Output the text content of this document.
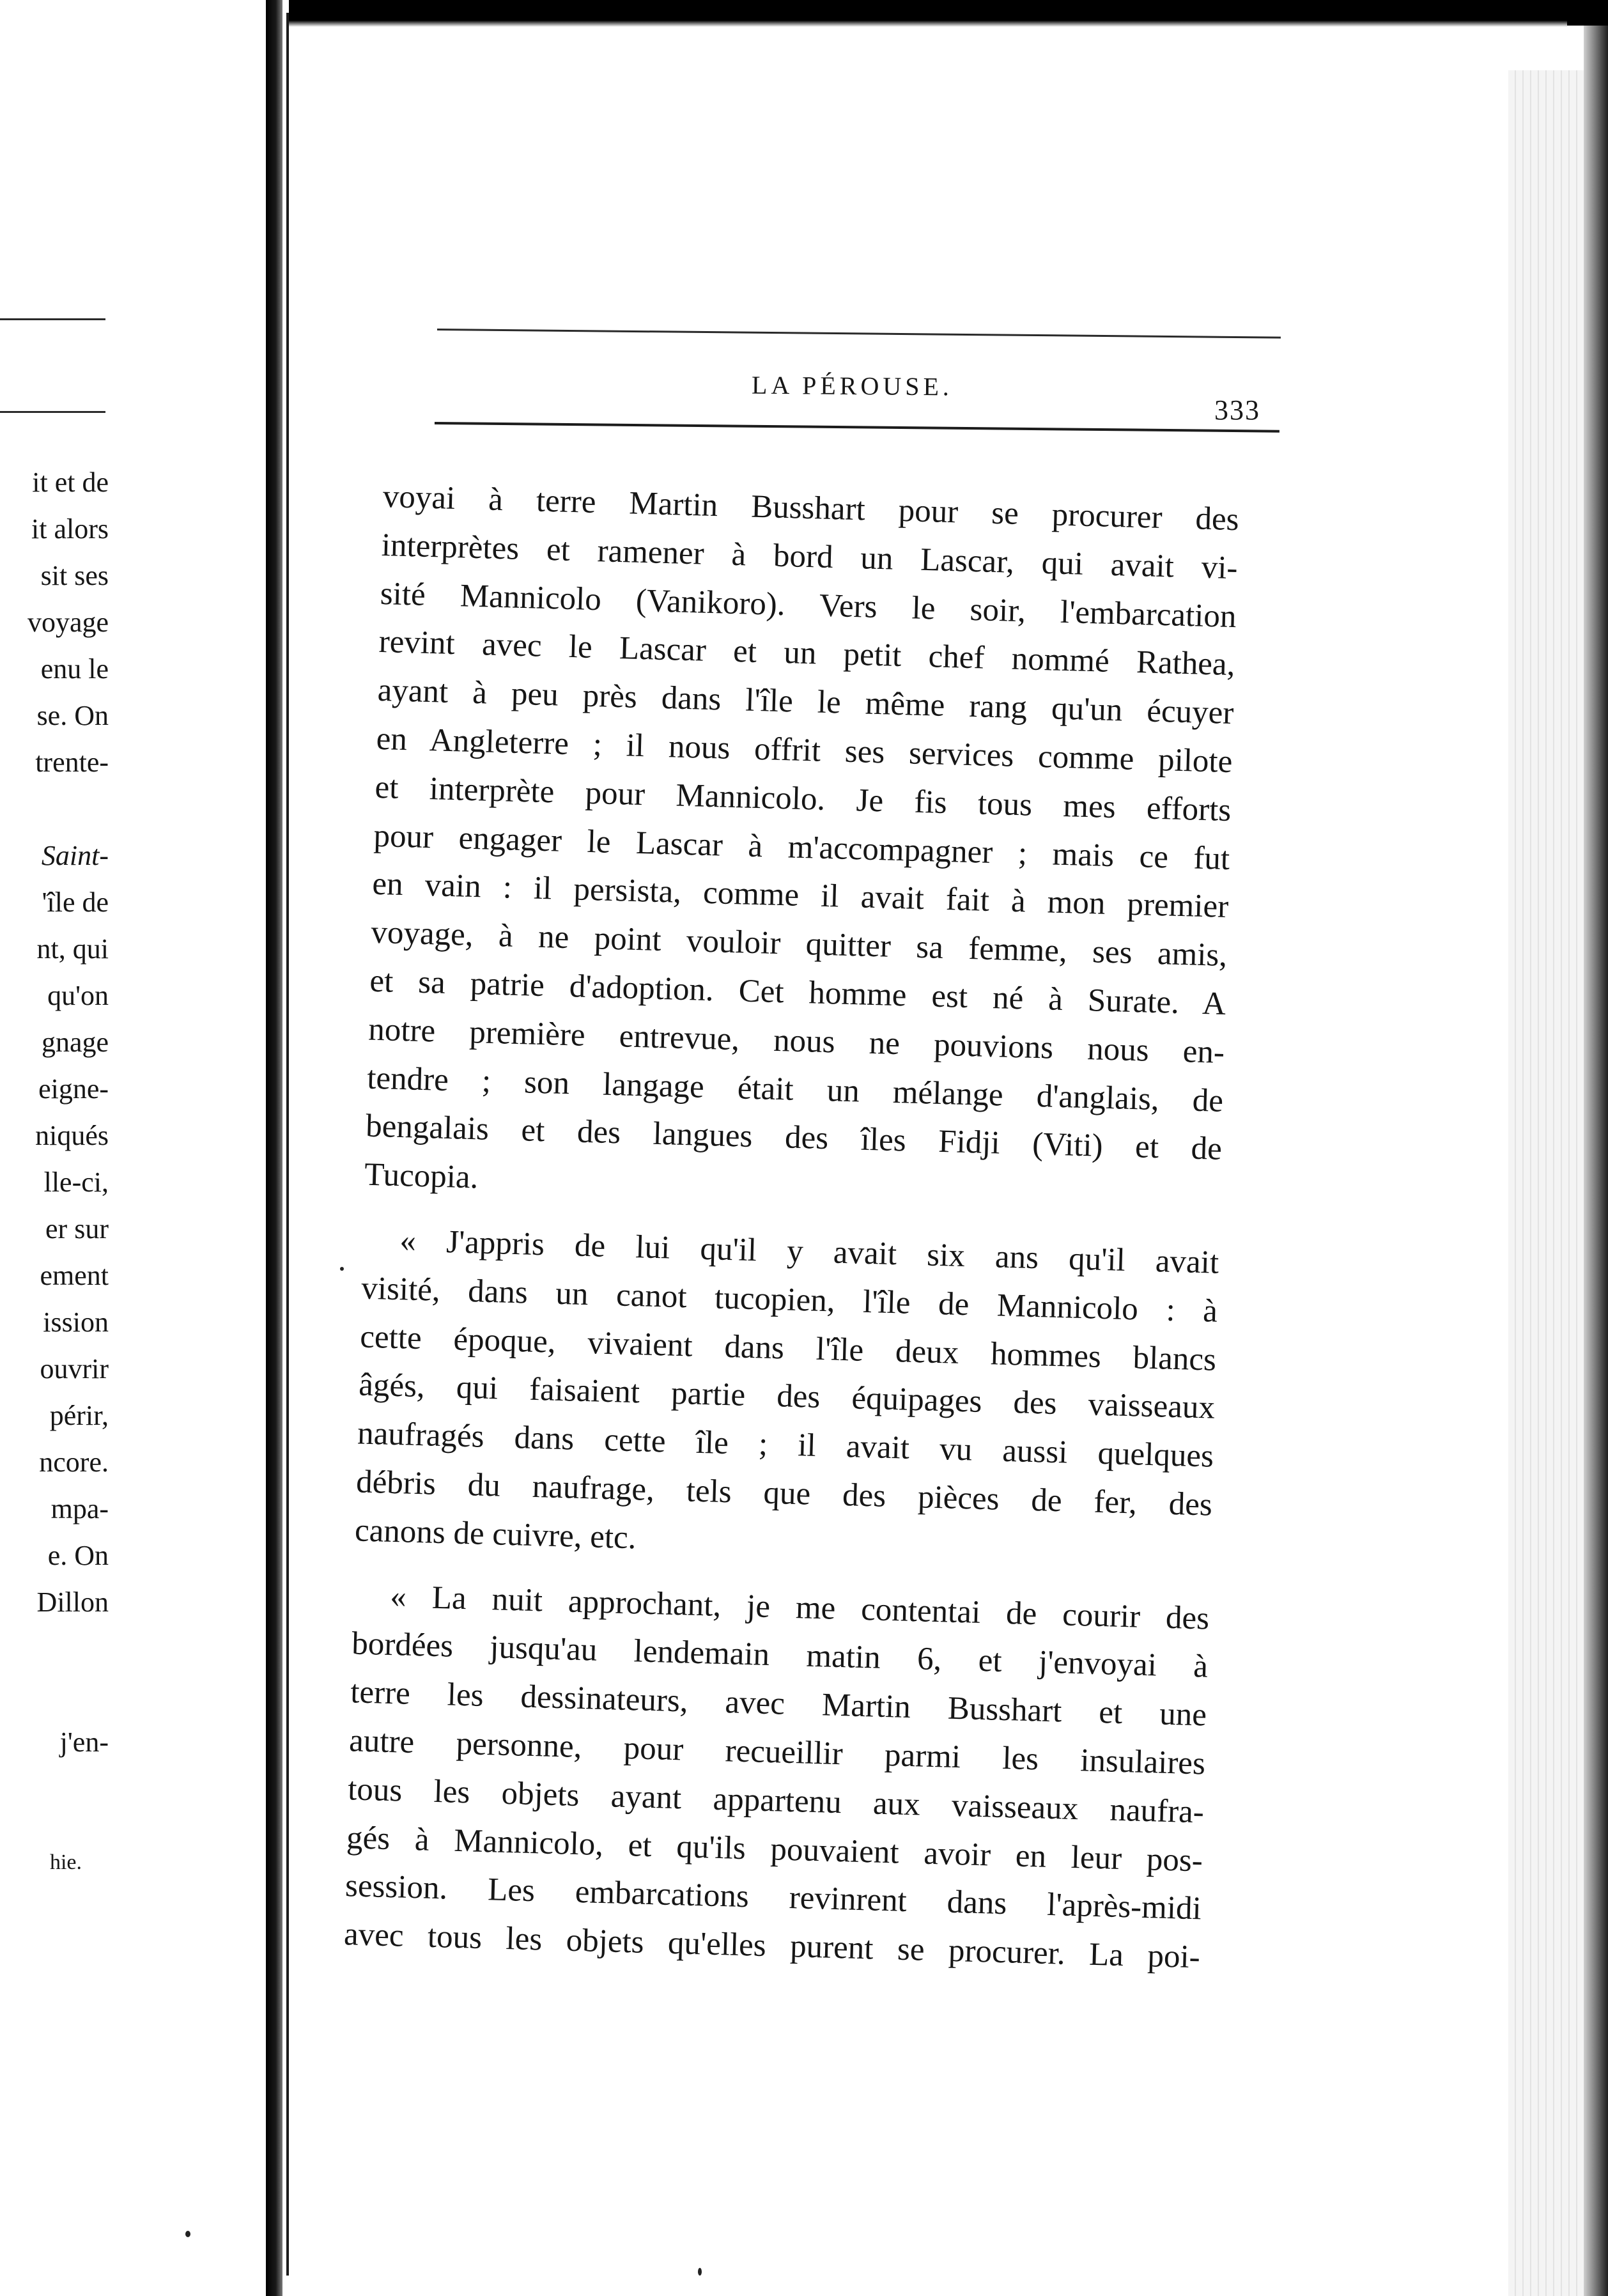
it et de
it alors
sit ses
voyage
enu le
se. On
trente-

Saint-
'île de
nt, qui
qu'on
gnage
eigne-
niqués
lle-ci,
er sur
ement
ission
ouvrir
périr,
ncore.
mpa-
e. On
Dillon

j'en-
hie.
LA PÉROUSE.
333
voyai à terre Martin Busshart pour se procurer des
interprètes et ramener à bord un Lascar, qui avait vi-
sité Mannicolo (Vanikoro). Vers le soir, l'embarcation
revint avec le Lascar et un petit chef nommé Rathea,
ayant à peu près dans l'île le même rang qu'un écuyer
en Angleterre ; il nous offrit ses services comme pilote
et interprète pour Mannicolo. Je fis tous mes efforts
pour engager le Lascar à m'accompagner ; mais ce fut
en vain : il persista, comme il avait fait à mon premier
voyage, à ne point vouloir quitter sa femme, ses amis,
et sa patrie d'adoption. Cet homme est né à Surate. A
notre première entrevue, nous ne pouvions nous en-
tendre ; son langage était un mélange d'anglais, de
bengalais et des langues des îles Fidji (Viti) et de
Tucopia.
« J'appris de lui qu'il y avait six ans qu'il avait
visité, dans un canot tucopien, l'île de Mannicolo : à
cette époque, vivaient dans l'île deux hommes blancs
âgés, qui faisaient partie des équipages des vaisseaux
naufragés dans cette île ; il avait vu aussi quelques
débris du naufrage, tels que des pièces de fer, des
canons de cuivre, etc.
« La nuit approchant, je me contentai de courir des
bordées jusqu'au lendemain matin 6, et j'envoyai à
terre les dessinateurs, avec Martin Busshart et une
autre personne, pour recueillir parmi les insulaires
tous les objets ayant appartenu aux vaisseaux naufra-
gés à Mannicolo, et qu'ils pouvaient avoir en leur pos-
session. Les embarcations revinrent dans l'après-midi
avec tous les objets qu'elles purent se procurer. La poi-
